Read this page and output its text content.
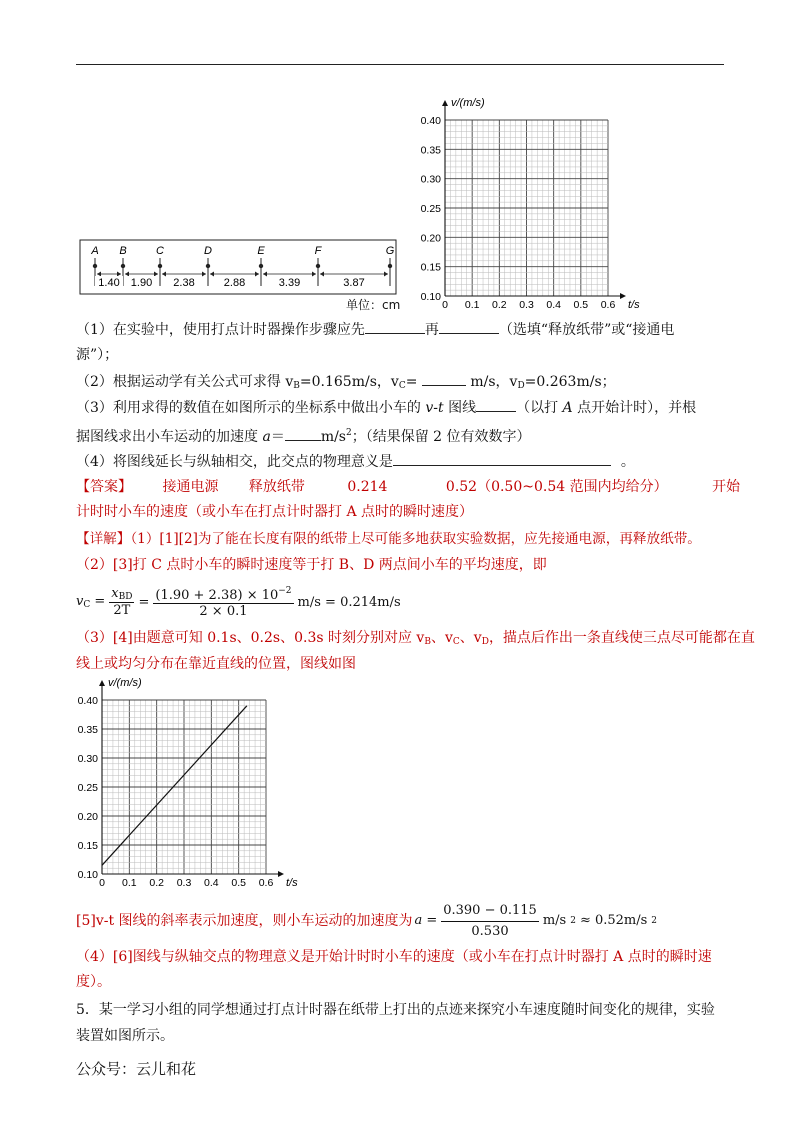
A B	C	D	E	F	G
1.40 1.90 2.38	2.88	3.39	3.87
单位：cm	0 0.1 0.2 0.3 0.4 0.5 0.6
0.10
0.15
0.20
0.25
0.30
0.35
0.40
t/s
v/(m/s)
（1）在实验中，使用打点计时器操作步骤应先	再	（选填“释放纸带”或“接通电
源”）；
（2）根据运动学有关公式可求得 $v_B=0.165m/s$，$v_C=$	m/s，$v_D=0.263m/s$；
（3）利用求得的数值在如图所示的坐标系中做出小车的 v-t 图线	（以打 A 点开始计时），并根
据图线求出小车运动的加速度 a＝	$m/s^2$；（结果保留 2 位有效数字）
（4）将图线延长与纵轴相交，此交点的物理意义是	。
【答案】 接通电源 释放纸带	0.214	0.52（0.50~0.54 范围内均给分）	开始
计时时小车的速度（或小车在打点计时器打 A 点时的瞬时速度）
【详解】（1）[1][2]为了能在长度有限的纸带上尽可能多地获取实验数据，应先接通电源，再释放纸带。
（2）[3]打 C 点时小车的瞬时速度等于打 B、D 两点间小车的平均速度，即
$v_C$ =
$x_{BD}$
2T
= $\frac{(1.90 + 2.38) \times 10^{-2}}{2 \times 0.1} m/s = 0.214m/s$
（3）[4]由题意可知 0.1s、0.2s、0.3s 时刻分别对应 $v_B$、$v_C$、$v_D$，描点后作出一条直线使三点尽可能都在直
线上或均匀分布在靠近直线的位置，图线如图
0 0.1 0.2 0.3 0.4 0.5 0.6
0.10
0.15
0.20
0.25
0.30
0.35
0.40
t/s
v/(m/s)
[5]v-t 图线的斜率表示加速度，则小车运动的加速度为 $a = \frac{0.390 - 0.115}{0.530} m/s$ 2 ≈ 0.52m/s 2
（4）[6]图线与纵轴交点的物理意义是开始计时时小车的速度（或小车在打点计时器打 A 点时的瞬时速
度）。
5．某一学习小组的同学想通过打点计时器在纸带上打出的点迹来探究小车速度随时间变化的规律，实验
装置如图所示。
公众号：云儿和花
